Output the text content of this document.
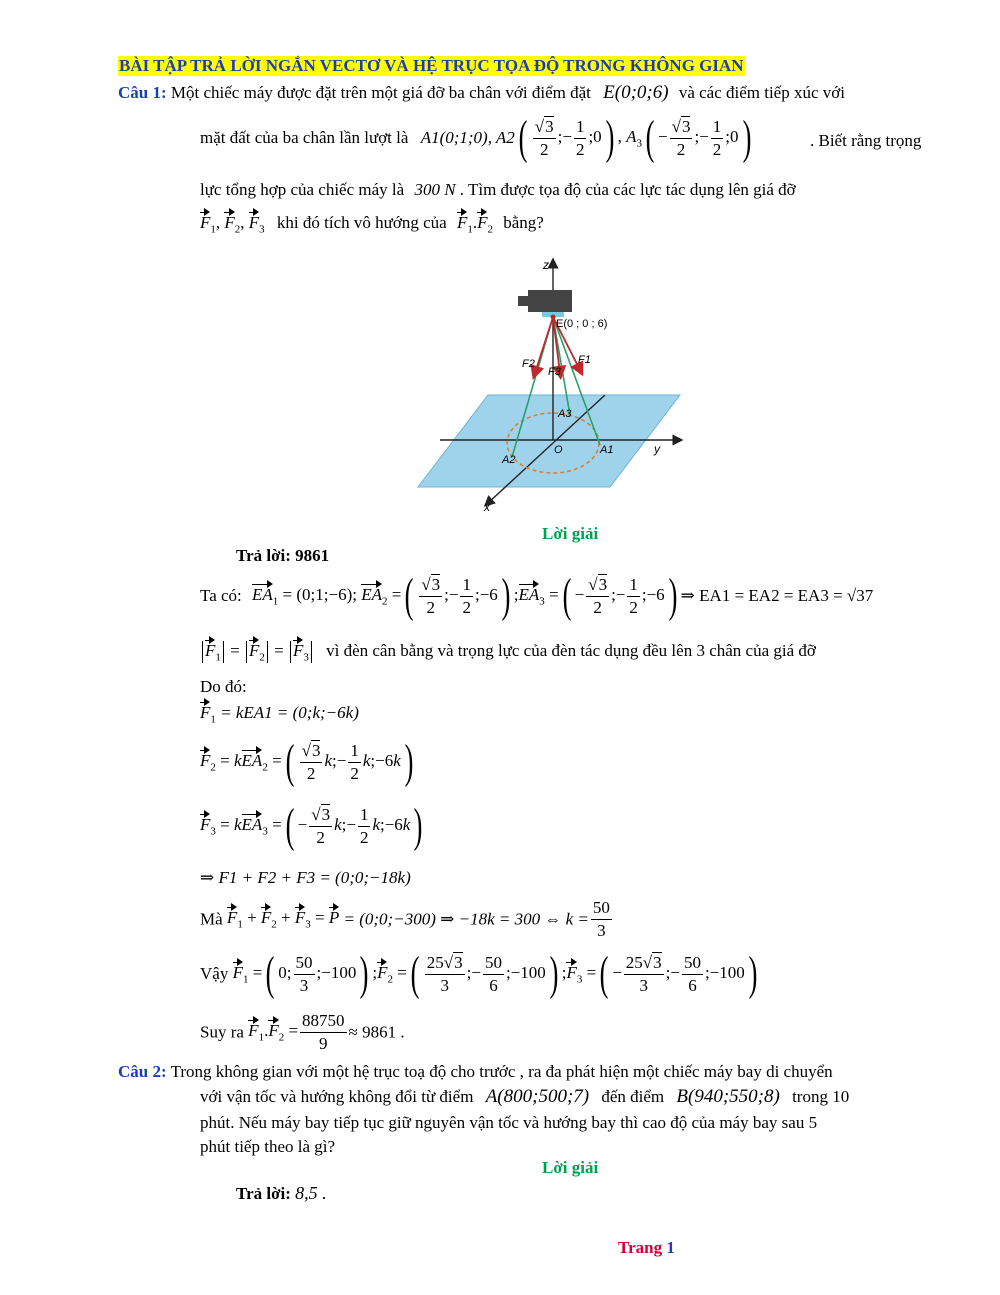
BÀI TẬP TRẢ LỜI NGẮN VECTƠ VÀ HỆ TRỤC TỌA ĐỘ TRONG KHÔNG GIAN
Câu 1: Một chiếc máy được đặt trên một giá đỡ ba chân với điểm đặt E(0;0;6) và các điểm tiếp xúc với
mặt đất của ba chân lần lượt là A1(0;1;0), $A2( \frac{√3}{2}$ ;− $\frac{1}{2}$ ;0) , $A_3( - \frac{√3}{2}$ ;− $\frac{1}{2}$ ;0)	. Biết rằng trọng
lực tổng hợp của chiếc máy là 300 N . Tìm được tọa độ của các lực tác dụng lên giá đỡ
$F_1$, $F_2$, $F_3$ khi đó tích vô hướng của $F_1.F_2$ bằng?
z
y
x
E(0 ; 0 ; 6)
O	A1
A2
A3
F1
F2
F3
Lời giải
Trả lời: 9861
Ta có: $EA_1$ = (0;1;−6); $EA_2$ =( $\frac{√3}{2}$ ;− $\frac{1}{2}$ ;−6) $;EA_3$ =( − $\frac{√3}{2}$ ;− $\frac{1}{2}$ ;−6) ⇒ EA1 = EA2 = EA3 = √37
$F_1 = F_2 = F_3$ vì đèn cân bằng và trọng lực của đèn tác dụng đều lên 3 chân của giá đỡ
Do đó:
$F_1 = kEA1$ = (0;k;−6k)
$F_2 = kEA_2$ =( $\frac{√3}{2}$ k;− $\frac{1}{2}$ k;−6k)
$F_3 = kEA_3$ =( − $\frac{√3}{2}$ k;− $\frac{1}{2}$ k;−6k)
⇒ F1 + F2 + F3 = (0;0;−18k)
Mà $F_1 + F_2 + F_3 = P$ = (0;0;−300) ⇒ −18k = 300 ⇔ $k = \frac{50}{3}$
Vậy $F_1$ =( 0; $\frac{50}{3}$ ;−100) $;F_2$ =( $\frac{25√3}{3}$ ;− $\frac{50}{6}$ ;−100) $;F_3$ =( − $\frac{25√3}{3}$ ;− $\frac{50}{6}$ ;−100)
Suy ra $F_1.F_2 = \frac{88750}{9} \approx 9861$ .
Câu 2: Trong không gian với một hệ trục toạ độ cho trước , ra đa phát hiện một chiếc máy bay di chuyển
với vận tốc và hướng không đổi từ điểm A(800;500;7) đến điểm B(940;550;8) trong 10
phút. Nếu máy bay tiếp tục giữ nguyên vận tốc và hướng bay thì cao độ của máy bay sau 5
phút tiếp theo là gì?
Lời giải
Trả lời: 8,5 .
Trang 1
